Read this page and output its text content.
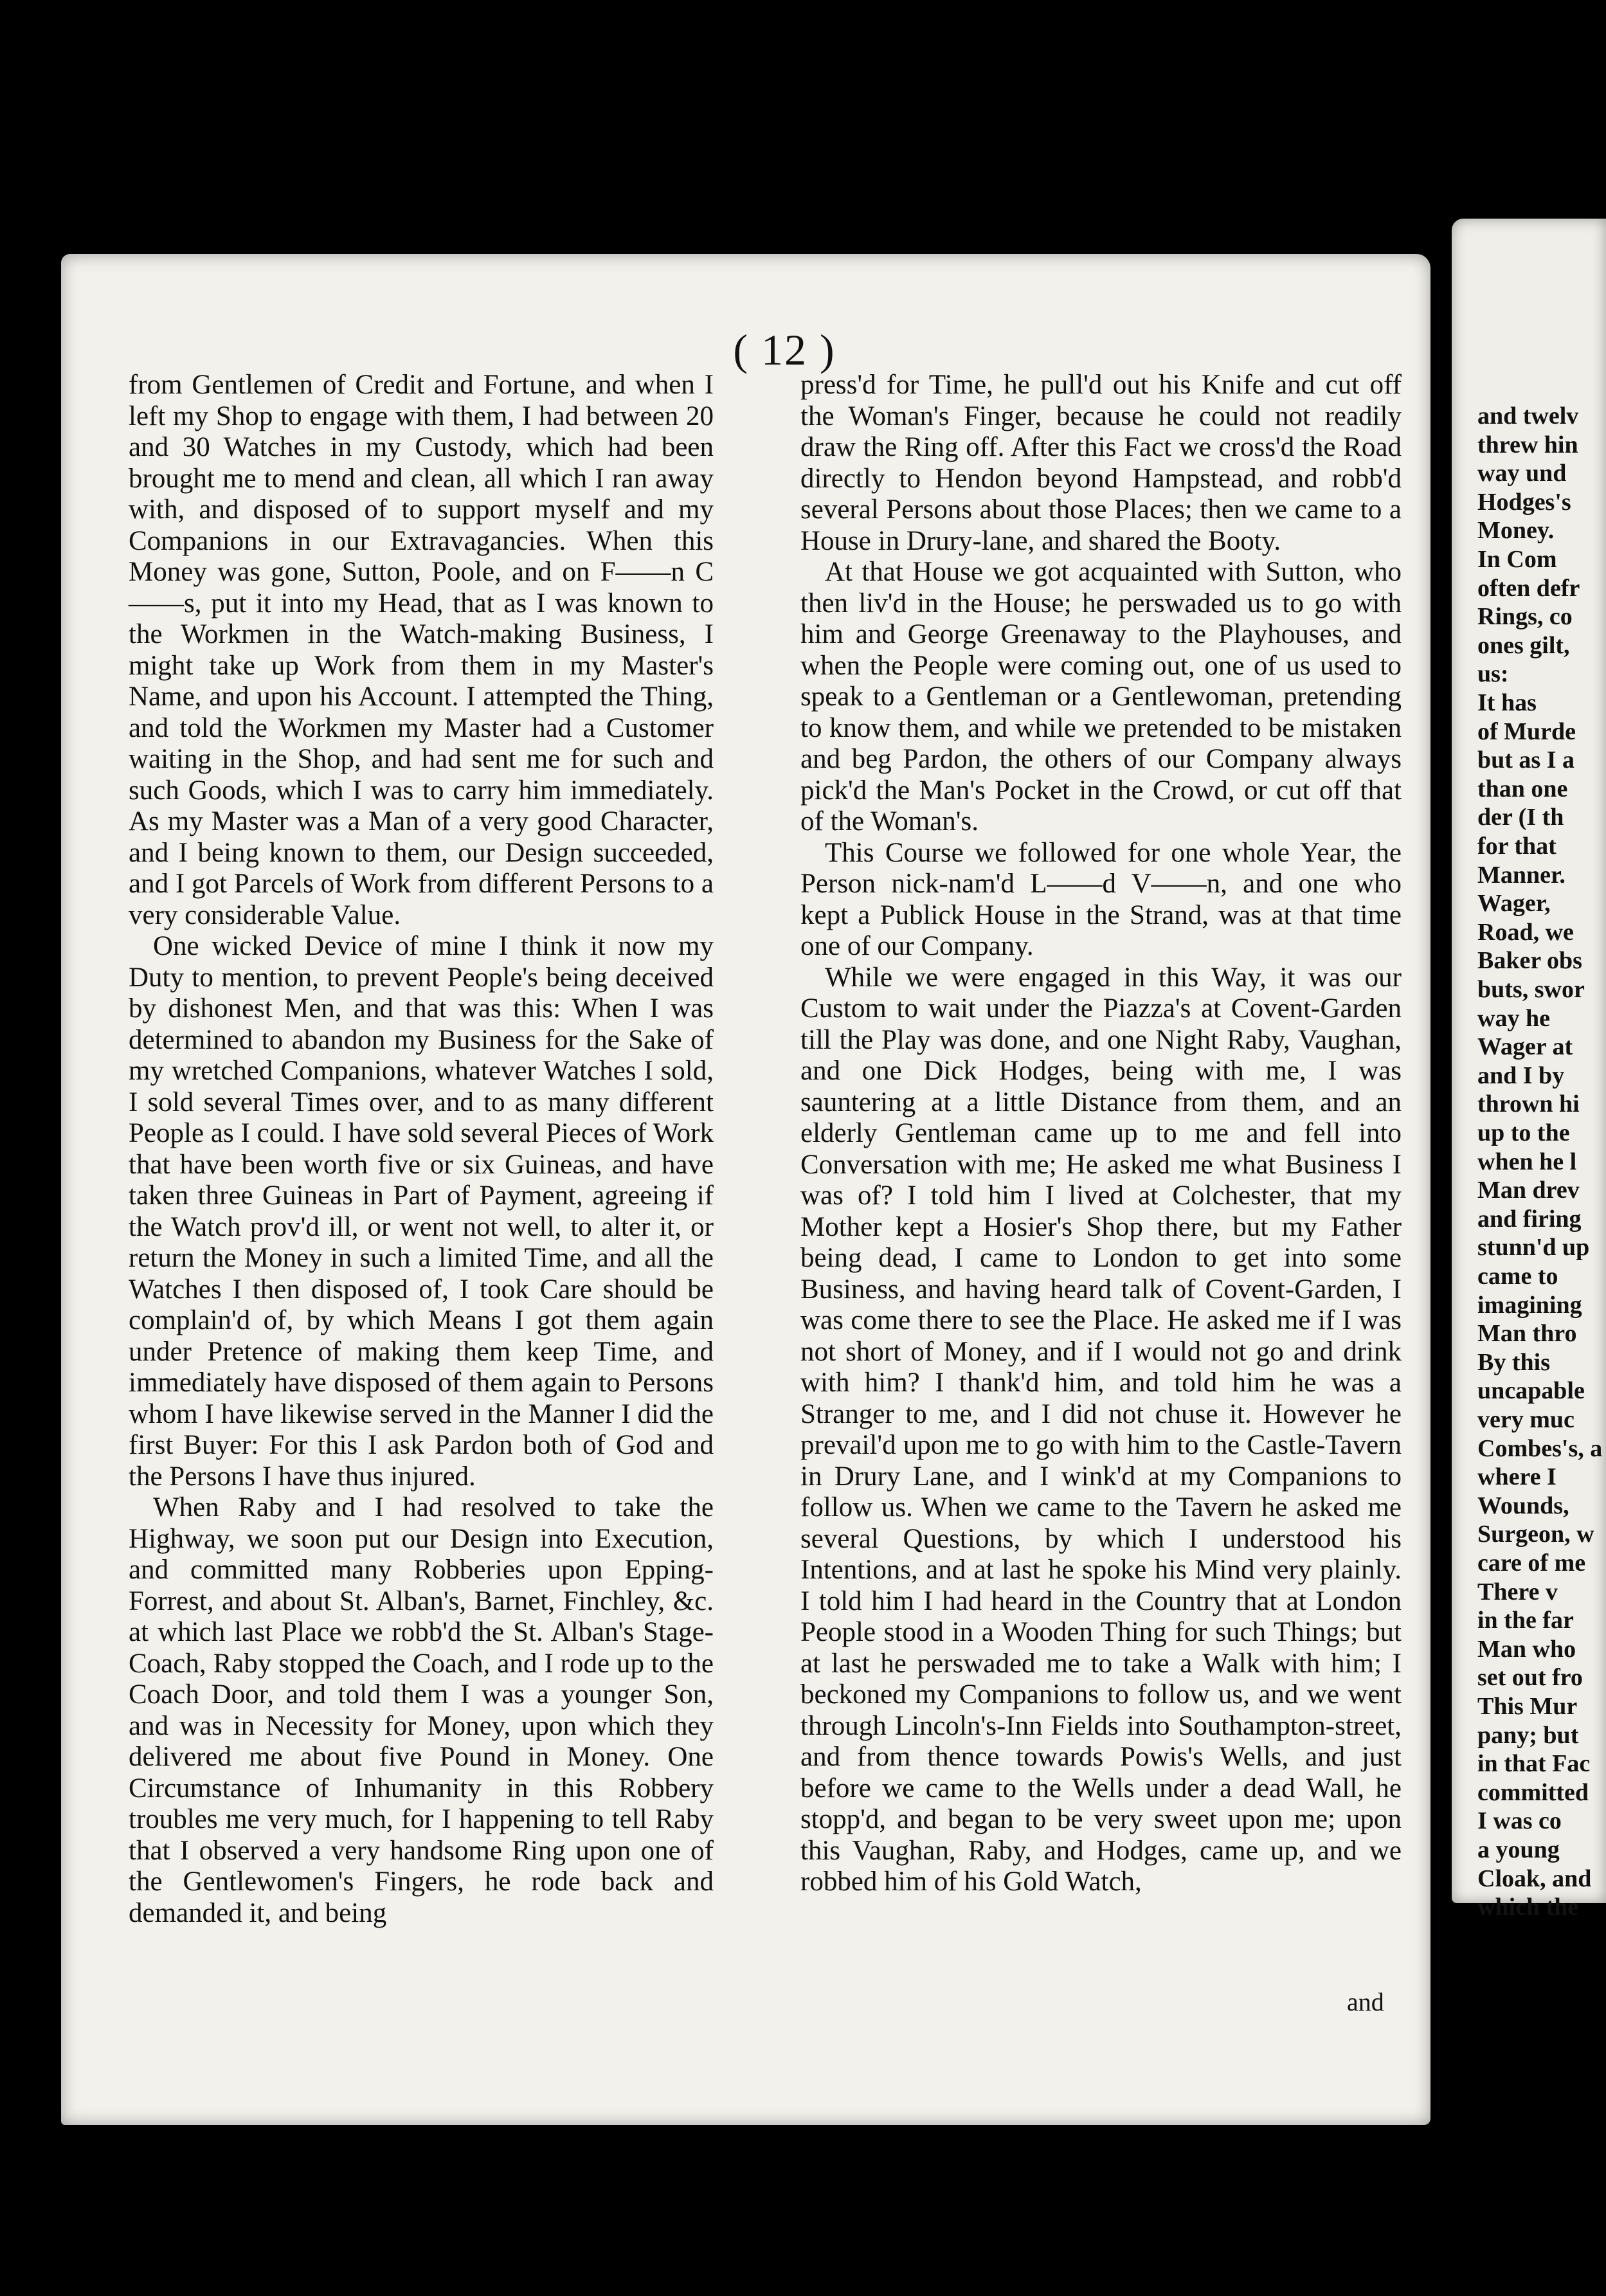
( 12 )

from Gentlemen of Credit and Fortune, and when I left my Shop to engage with them, I had between 20 and 30 Watches in my Custody, which had been brought me to mend and clean, all which I ran away with, and disposed of to support myself and my Companions in our Extravagancies. When this Money was gone, Sutton, Poole, and on F——n C——s, put it into my Head, that as I was known to the Workmen in the Watch-making Business, I might take up Work from them in my Master's Name, and upon his Account. I attempted the Thing, and told the Workmen my Master had a Customer waiting in the Shop, and had sent me for such and such Goods, which I was to carry him immediately. As my Master was a Man of a very good Character, and I being known to them, our Design succeeded, and I got Parcels of Work from different Persons to a very considerable Value.

One wicked Device of mine I think it now my Duty to mention, to prevent People's being deceived by dishonest Men, and that was this: When I was determined to abandon my Business for the Sake of my wretched Companions, whatever Watches I sold, I sold several Times over, and to as many different People as I could. I have sold several Pieces of Work that have been worth five or six Guineas, and have taken three Guineas in Part of Payment, agreeing if the Watch prov'd ill, or went not well, to alter it, or return the Money in such a limited Time, and all the Watches I then disposed of, I took Care should be complain'd of, by which Means I got them again under Pretence of making them keep Time, and immediately have disposed of them again to Persons whom I have likewise served in the Manner I did the first Buyer: For this I ask Pardon both of God and the Persons I have thus injured.

When Raby and I had resolved to take the Highway, we soon put our Design into Execution, and committed many Robberies upon Epping-Forrest, and about St. Alban's, Barnet, Finchley, &c. at which last Place we robb'd the St. Alban's Stage-Coach, Raby stopped the Coach, and I rode up to the Coach Door, and told them I was a younger Son, and was in Necessity for Money, upon which they delivered me about five Pound in Money. One Circumstance of Inhumanity in this Robbery troubles me very much, for I happening to tell Raby that I observed a very handsome Ring upon one of the Gentlewomen's Fingers, he rode back and demanded it, and being

press'd for Time, he pull'd out his Knife and cut off the Woman's Finger, because he could not readily draw the Ring off. After this Fact we cross'd the Road directly to Hendon beyond Hampstead, and robb'd several Persons about those Places; then we came to a House in Drury-lane, and shared the Booty.

At that House we got acquainted with Sutton, who then liv'd in the House; he perswaded us to go with him and George Greenaway to the Playhouses, and when the People were coming out, one of us used to speak to a Gentleman or a Gentlewoman, pretending to know them, and while we pretended to be mistaken and beg Pardon, the others of our Company always pick'd the Man's Pocket in the Crowd, or cut off that of the Woman's.

This Course we followed for one whole Year, the Person nick-nam'd L——d V——n, and one who kept a Publick House in the Strand, was at that time one of our Company.

While we were engaged in this Way, it was our Custom to wait under the Piazza's at Covent-Garden till the Play was done, and one Night Raby, Vaughan, and one Dick Hodges, being with me, I was sauntering at a little Distance from them, and an elderly Gentleman came up to me and fell into Conversation with me; He asked me what Business I was of? I told him I lived at Colchester, that my Mother kept a Hosier's Shop there, but my Father being dead, I came to London to get into some Business, and having heard talk of Covent-Garden, I was come there to see the Place. He asked me if I was not short of Money, and if I would not go and drink with him? I thank'd him, and told him he was a Stranger to me, and I did not chuse it. However he prevail'd upon me to go with him to the Castle-Tavern in Drury Lane, and I wink'd at my Companions to follow us. When we came to the Tavern he asked me several Questions, by which I understood his Intentions, and at last he spoke his Mind very plainly. I told him I had heard in the Country that at London People stood in a Wooden Thing for such Things; but at last he perswaded me to take a Walk with him; I beckoned my Companions to follow us, and we went through Lincoln's-Inn Fields into Southampton-street, and from thence towards Powis's Wells, and just before we came to the Wells under a dead Wall, he stopp'd, and began to be very sweet upon me; upon this Vaughan, Raby, and Hodges, came up, and we robbed him of his Gold Watch,

and
and twelv
threw hin
way und
Hodges's
Money.
In Com
often defr
Rings, co
ones gilt,
us:
It has
of Murde
but as I a
than one
der (I th
for that
Manner.
Wager,
Road, we
Baker obs
buts, swor
way he
Wager at
and I by
thrown hi
up to the
when he l
Man drev
and firing
stunn'd up
came to
imagining
Man thro
By this
uncapable
very muc
Combes's, a
where I
Wounds,
Surgeon, w
care of me
There v
in the far
Man who
set out fro
This Mur
pany; but
in that Fac
committed
I was co
a young
Cloak, and
which the
